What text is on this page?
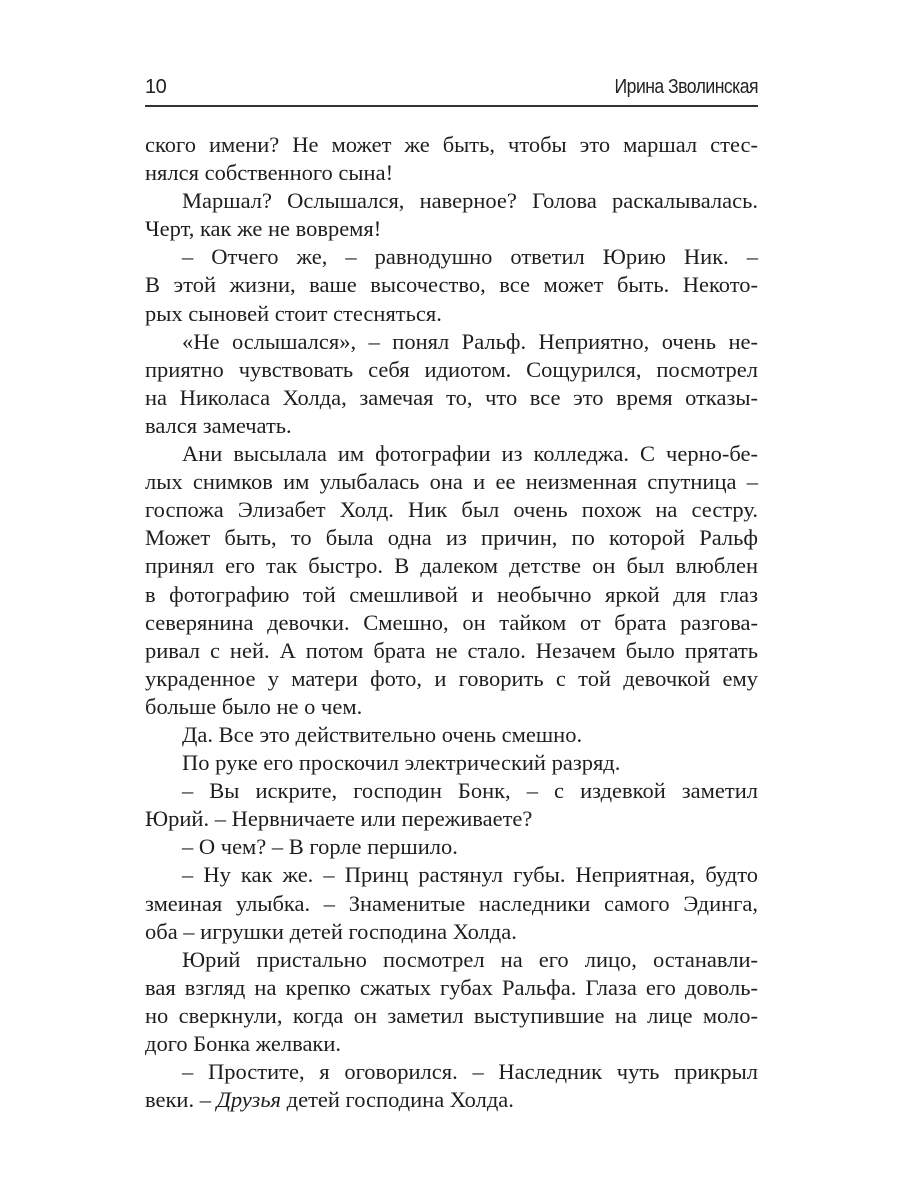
10	Ирина Зволинская
ского имени? Не может же быть, чтобы это маршал стес-
нялся собственного сына!
Маршал? Ослышался, наверное? Голова раскалывалась.
Черт, как же не вовремя!
– Отчего же, – равнодушно ответил Юрию Ник. –
В этой жизни, ваше высочество, все может быть. Некото-
рых сыновей стоит стесняться.
«Не ослышался», – понял Ральф. Неприятно, очень не-
приятно чувствовать себя идиотом. Сощурился, посмотрел
на Николаса Холда, замечая то, что все это время отказы-
вался замечать.
Ани высылала им фотографии из колледжа. С черно-бе-
лых снимков им улыбалась она и ее неизменная спутница –
госпожа Элизабет Холд. Ник был очень похож на сестру.
Может быть, то была одна из причин, по которой Ральф
принял его так быстро. В далеком детстве он был влюблен
в фотографию той смешливой и необычно яркой для глаз
северянина девочки. Смешно, он тайком от брата разгова-
ривал с ней. А потом брата не стало. Незачем было прятать
украденное у матери фото, и говорить с той девочкой ему
больше было не о чем.
Да. Все это действительно очень смешно.
По руке его проскочил электрический разряд.
– Вы искрите, господин Бонк, – с издевкой заметил
Юрий. – Нервничаете или переживаете?
– О чем? – В горле першило.
– Ну как же. – Принц растянул губы. Неприятная, будто
змеиная улыбка. – Знаменитые наследники самого Эдинга,
оба – игрушки детей господина Холда.
Юрий пристально посмотрел на его лицо, останавли-
вая взгляд на крепко сжатых губах Ральфа. Глаза его доволь-
но сверкнули, когда он заметил выступившие на лице моло-
дого Бонка желваки.
– Простите, я оговорился. – Наследник чуть прикрыл
веки. – Друзья детей господина Холда.
